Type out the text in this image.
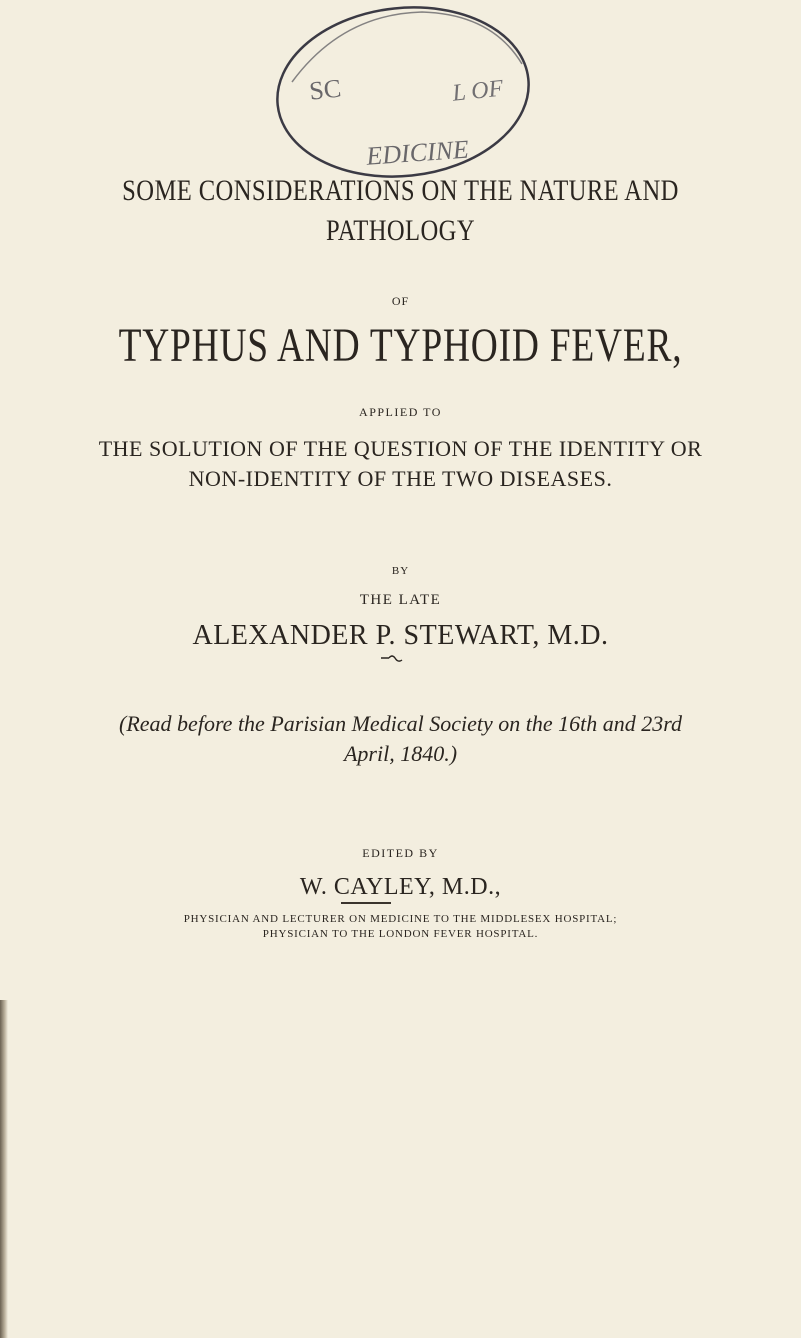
SC	L OF
EDICINE
SOME CONSIDERATIONS ON THE NATURE AND
PATHOLOGY
OF
TYPHUS AND TYPHOID FEVER,
APPLIED TO
THE SOLUTION OF THE QUESTION OF THE IDENTITY OR
NON-IDENTITY OF THE TWO DISEASES.
BY
THE LATE
ALEXANDER P. STEWART, M.D.
(Read before the Parisian Medical Society on the 16th and 23rd
April, 1840.)
EDITED BY
W. CAYLEY, M.D.,
PHYSICIAN AND LECTURER ON MEDICINE TO THE MIDDLESEX HOSPITAL;
PHYSICIAN TO THE LONDON FEVER HOSPITAL.
